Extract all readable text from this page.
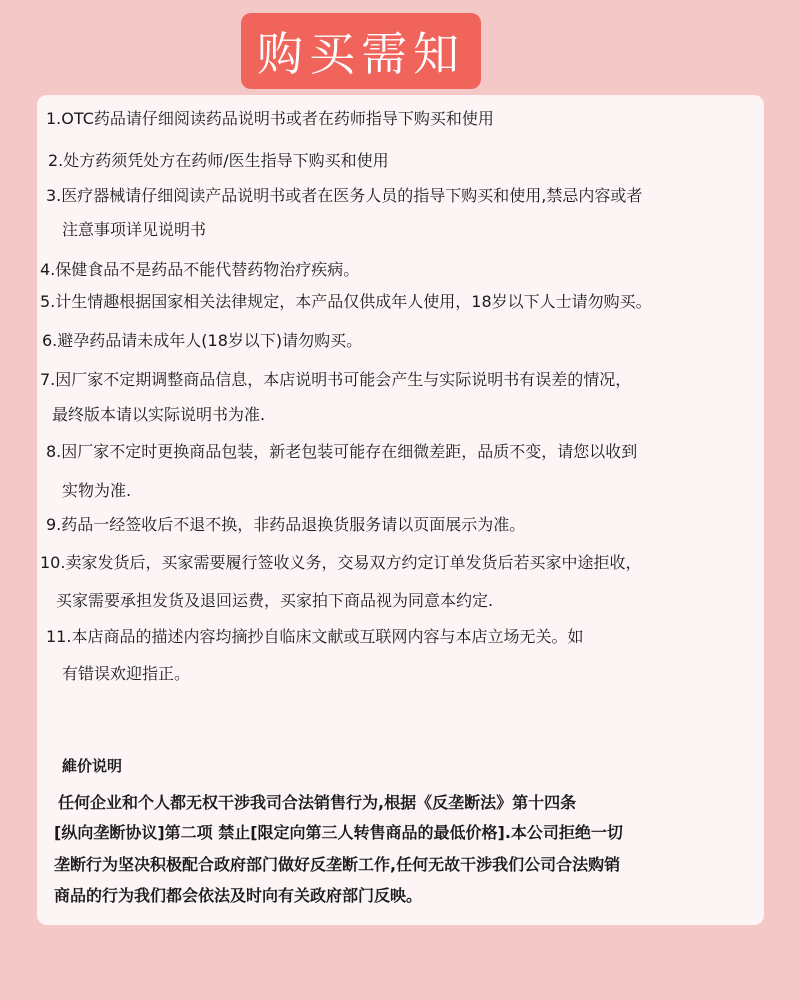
购买需知
1.OTC药品请仔细阅读药品说明书或者在药师指导下购买和使用
2.处方药须凭处方在药师/医生指导下购买和使用
3.医疗器械请仔细阅读产品说明书或者在医务人员的指导下购买和使用,禁忌内容或者
注意事项详见说明书
4.保健食品不是药品不能代替药物治疗疾病。
5.计生情趣根据国家相关法律规定，本产品仅供成年人使用，18岁以下人士请勿购买。
6.避孕药品请未成年人(18岁以下)请勿购买。
7.因厂家不定期调整商品信息，本店说明书可能会产生与实际说明书有误差的情况，
最终版本请以实际说明书为准.
8.因厂家不定时更换商品包装，新老包装可能存在细微差距，品质不变，请您以收到
实物为准.
9.药品一经签收后不退不换，非药品退换货服务请以页面展示为准。
10.卖家发货后，买家需要履行签收义务，交易双方约定订单发货后若买家中途拒收，
买家需要承担发货及退回运费，买家拍下商品视为同意本约定.
11.本店商品的描述内容均摘抄自临床文献或互联网内容与本店立场无关。如
有错误欢迎指正。
維价说明
任何企业和个人都无权干涉我司合法销售行为,根据《反垄断法》第十四条
[纵向垄断协议]第二项 禁止[限定向第三人转售商品的最低价格].本公司拒绝一切
垄断行为坚决积极配合政府部门做好反垄断工作,任何无故干涉我们公司合法购销
商品的行为我们都会依法及时向有关政府部门反映。
